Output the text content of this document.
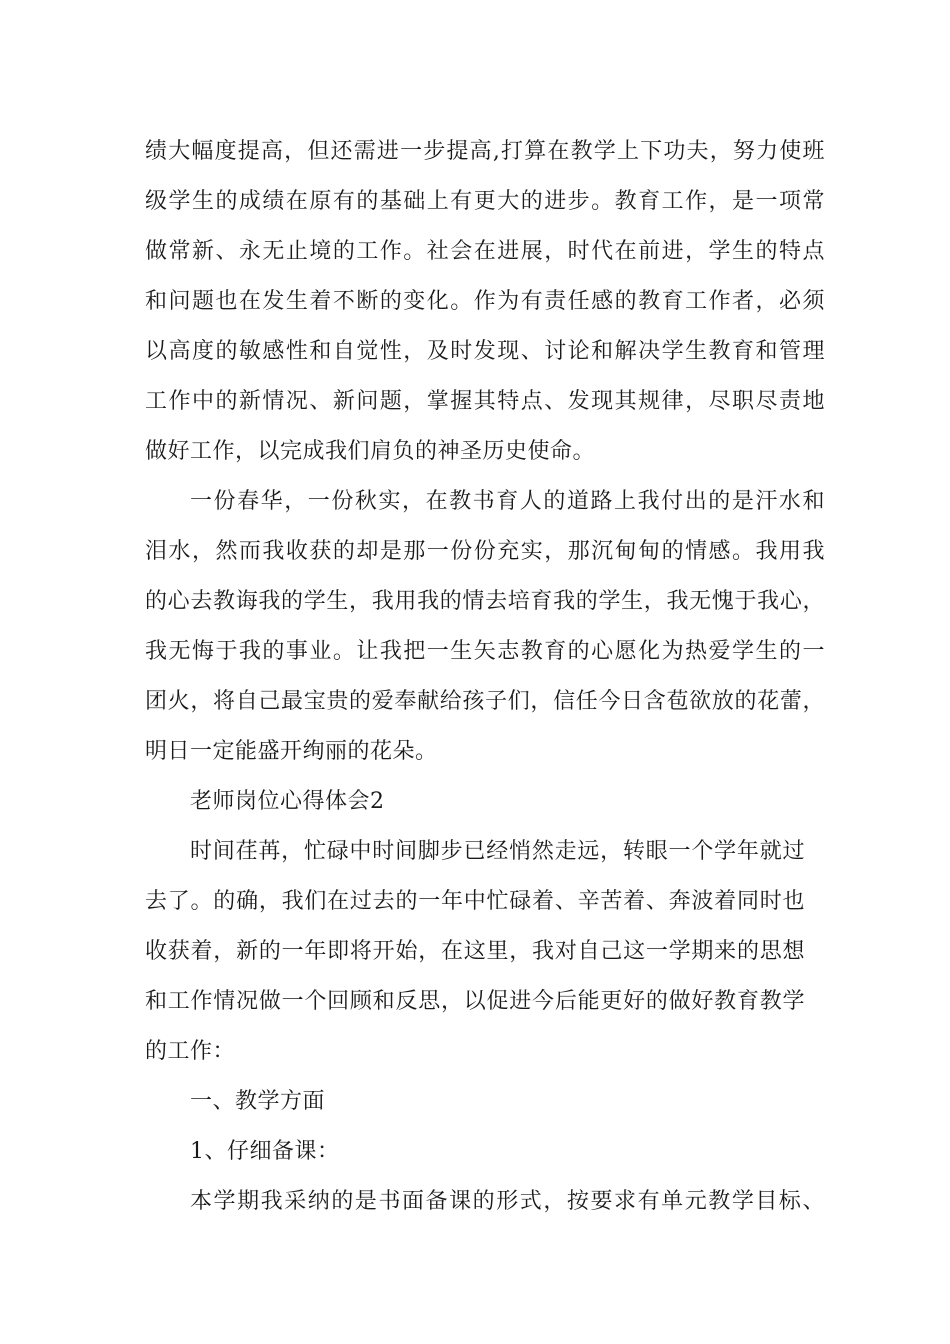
绩大幅度提高，但还需进一步提高,打算在教学上下功夫，努力使班
级学生的成绩在原有的基础上有更大的进步。教育工作，是一项常
做常新、永无止境的工作。社会在进展，时代在前进，学生的特点
和问题也在发生着不断的变化。作为有责任感的教育工作者，必须
以高度的敏感性和自觉性，及时发现、讨论和解决学生教育和管理
工作中的新情况、新问题，掌握其特点、发现其规律，尽职尽责地
做好工作，以完成我们肩负的神圣历史使命。
一份春华，一份秋实，在教书育人的道路上我付出的是汗水和
泪水，然而我收获的却是那一份份充实，那沉甸甸的情感。我用我
的心去教诲我的学生，我用我的情去培育我的学生，我无愧于我心，
我无悔于我的事业。让我把一生矢志教育的心愿化为热爱学生的一
团火，将自己最宝贵的爱奉献给孩子们，信任今日含苞欲放的花蕾，
明日一定能盛开绚丽的花朵。
老师岗位心得体会2
时间荏苒，忙碌中时间脚步已经悄然走远，转眼一个学年就过
去了。的确，我们在过去的一年中忙碌着、辛苦着、奔波着同时也
收获着，新的一年即将开始，在这里，我对自己这一学期来的思想
和工作情况做一个回顾和反思，以促进今后能更好的做好教育教学
的工作：
一、教学方面
1、仔细备课：
本学期我采纳的是书面备课的形式，按要求有单元教学目标、
